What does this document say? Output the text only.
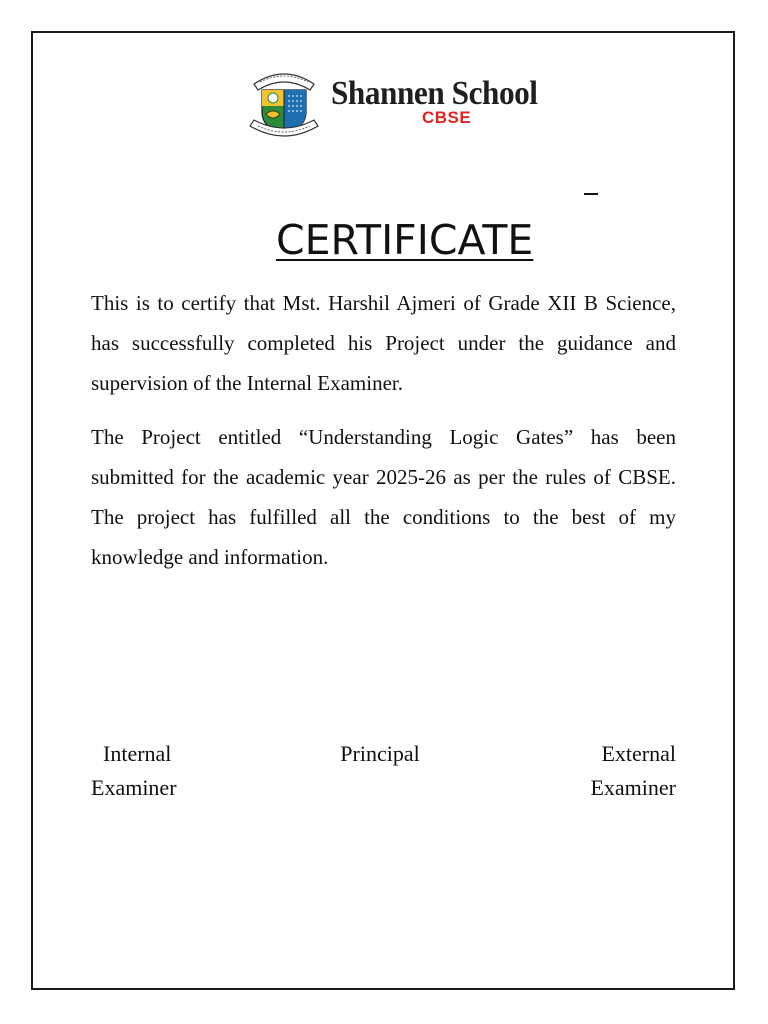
Shannen School
CBSE
CERTIFICATE

This is to certify that Mst. Harshil Ajmeri of Grade XII B Science, has successfully completed his Project under the guidance and supervision of the Internal Examiner.

The Project entitled “Understanding Logic Gates” has been submitted for the academic year 2025-26 as per the rules of CBSE. The project has fulfilled all the conditions to the best of my knowledge and information.

Internal
Examiner
Principal	External
Examiner
